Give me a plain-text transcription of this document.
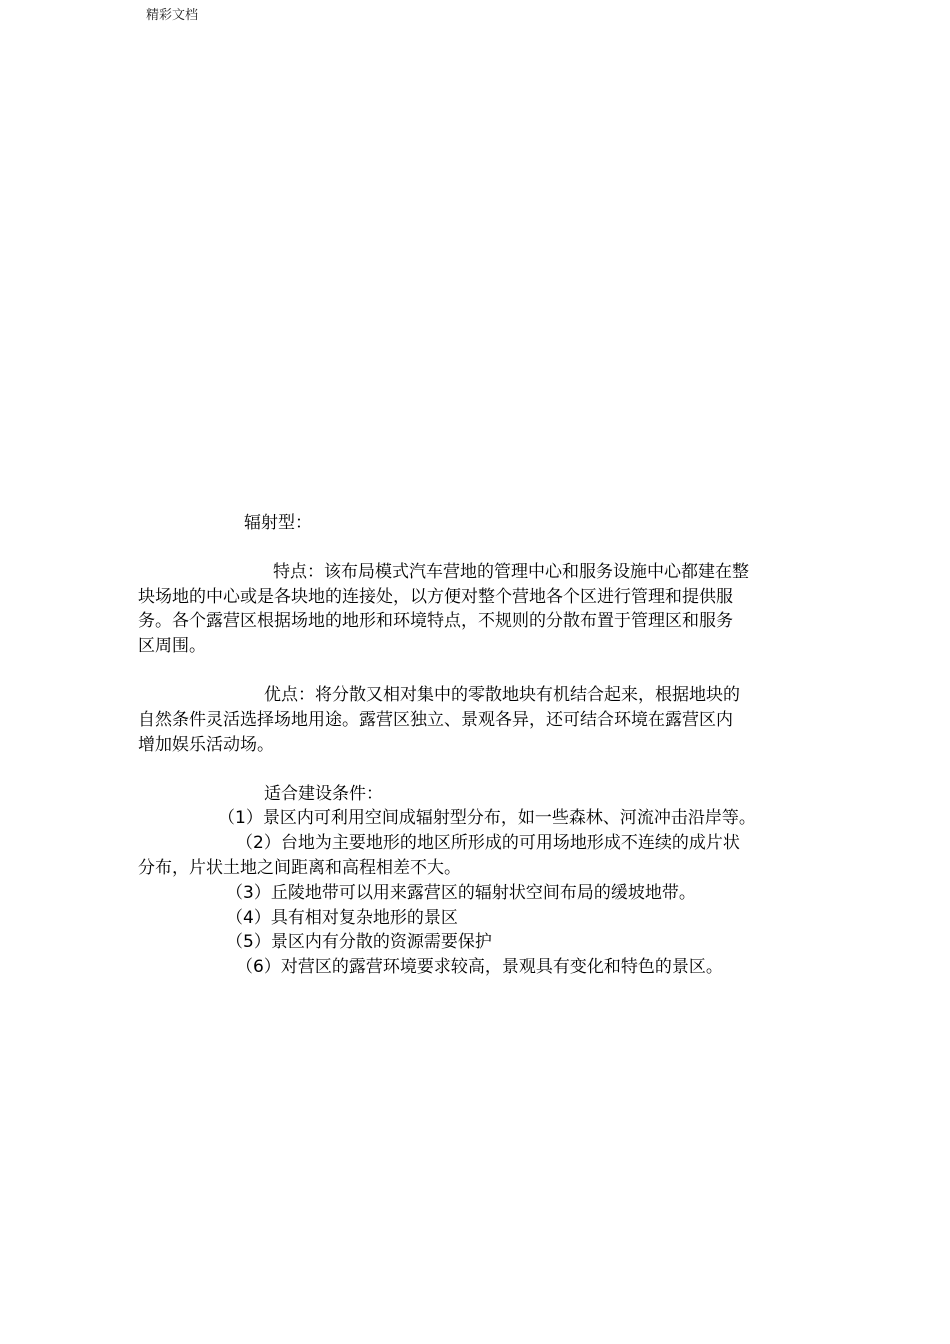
精彩文档
辐射型：
特点：该布局模式汽车营地的管理中心和服务设施中心都建在整
块场地的中心或是各块地的连接处，以方便对整个营地各个区进行管理和提供服
务。各个露营区根据场地的地形和环境特点，不规则的分散布置于管理区和服务
区周围。
优点：将分散又相对集中的零散地块有机结合起来，根据地块的
自然条件灵活选择场地用途。露营区独立、景观各异，还可结合环境在露营区内
增加娱乐活动场。
适合建设条件：
（1）景区内可利用空间成辐射型分布，如一些森林、河流冲击沿岸等。
（2）台地为主要地形的地区所形成的可用场地形成不连续的成片状
分布，片状土地之间距离和高程相差不大。
（3）丘陵地带可以用来露营区的辐射状空间布局的缓坡地带。
（4）具有相对复杂地形的景区
（5）景区内有分散的资源需要保护
（6）对营区的露营环境要求较高，景观具有变化和特色的景区。
